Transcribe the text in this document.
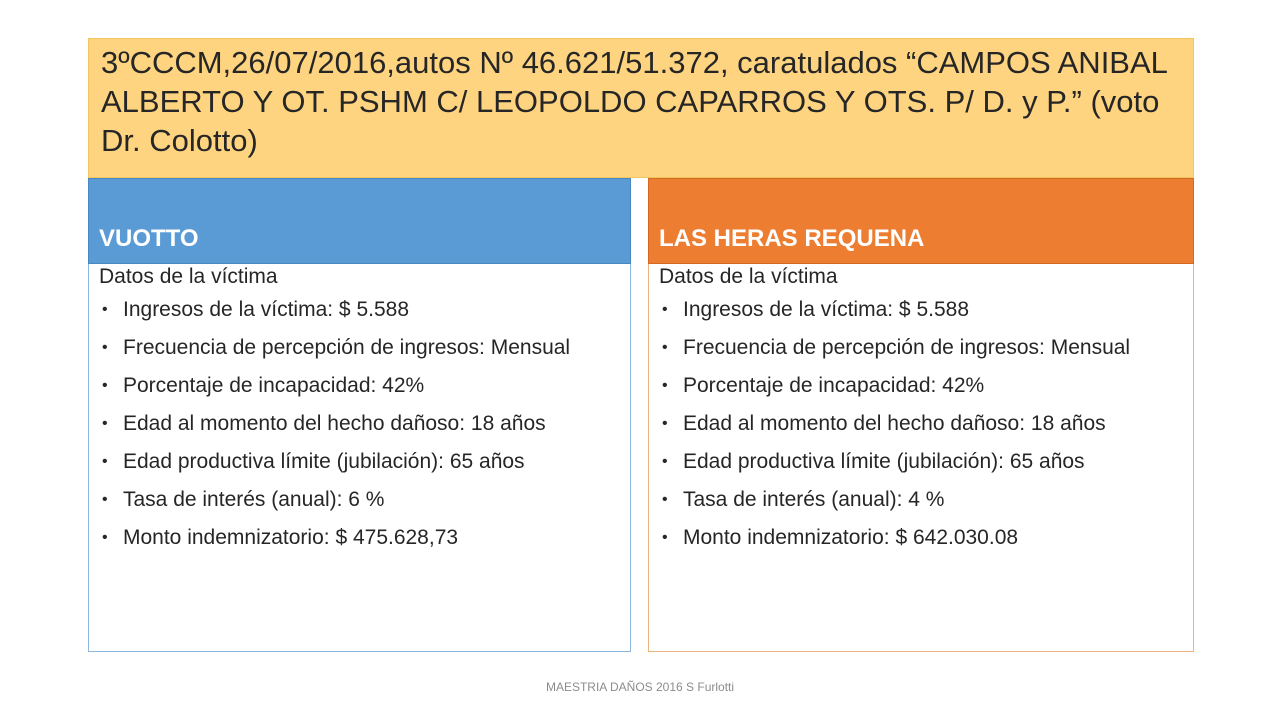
3ºCCCM,26/07/2016,autos Nº 46.621/51.372, caratulados “CAMPOS ANIBAL ALBERTO Y OT. PSHM C/ LEOPOLDO CAPARROS Y OTS. P/ D. y P.” (voto Dr. Colotto)

VUOTTO

Datos de la víctima

• Ingresos de la víctima: $ 5.588
• Frecuencia de percepción de ingresos: Mensual
• Porcentaje de incapacidad: 42%
• Edad al momento del hecho dañoso: 18 años
• Edad productiva límite (jubilación): 65 años
• Tasa de interés (anual): 6 %
• Monto indemnizatorio: $ 475.628,73
LAS HERAS REQUENA

Datos de la víctima

• Ingresos de la víctima: $ 5.588
• Frecuencia de percepción de ingresos: Mensual
• Porcentaje de incapacidad: 42%
• Edad al momento del hecho dañoso: 18 años
• Edad productiva límite (jubilación): 65 años
• Tasa de interés (anual): 4 %
• Monto indemnizatorio: $ 642.030.08
MAESTRIA DAÑOS 2016 S Furlotti
